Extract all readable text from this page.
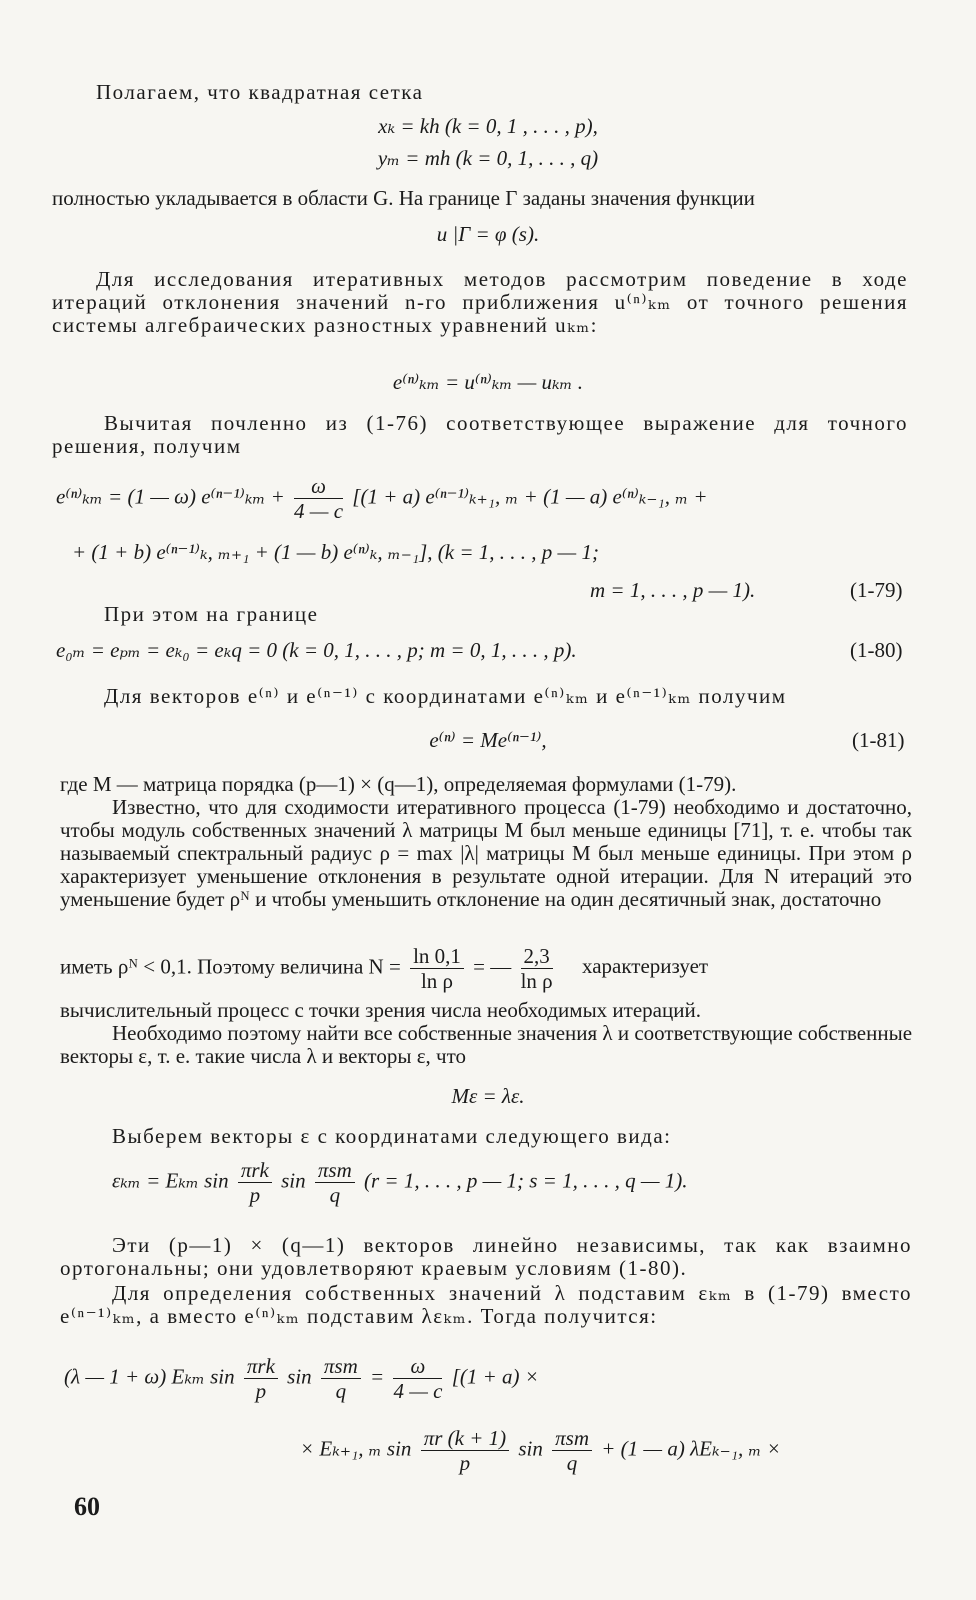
Полагаем, что квадратная сетка
xₖ = kh (k = 0, 1 , . . . , p),
yₘ = mh (k = 0, 1, . . . , q)
полностью укладывается в области G. На границе Γ заданы значения функции
u |Γ = φ (s).
Для исследования итеративных методов рассмотрим поведение в ходе итераций отклонения значений n-го приближения u⁽ⁿ⁾ₖₘ от точного решения системы алгебраических разностных уравнений uₖₘ:
e⁽ⁿ⁾ₖₘ = u⁽ⁿ⁾ₖₘ — uₖₘ .
Вычитая почленно из (1-76) соответствующее выражение для точного решения, получим
e⁽ⁿ⁾ₖₘ = (1 — ω) $e^{(n-1)}_{km} + \frac{\omega}{4 — c} [(1 + a)$ e⁽ⁿ⁻¹⁾ₖ₊₁, ₘ + (1 — a) e⁽ⁿ⁾ₖ₋₁, ₘ +
+ (1 + b) e⁽ⁿ⁻¹⁾ₖ, ₘ₊₁ + (1 — b) e⁽ⁿ⁾ₖ, ₘ₋₁], (k = 1, . . . , p — 1;
m = 1, . . . , p — 1).	(1-79)
При этом на границе
e₀ₘ = eₚₘ = eₖ₀ = eₖq = 0 (k = 0, 1, . . . , p; m = 0, 1, . . . , p).	(1-80)
Для векторов e⁽ⁿ⁾ и e⁽ⁿ⁻¹⁾ с координатами e⁽ⁿ⁾ₖₘ и e⁽ⁿ⁻¹⁾ₖₘ получим
e⁽ⁿ⁾ = Me⁽ⁿ⁻¹⁾,	(1-81)
где M — матрица порядка (p—1) × (q—1), определяемая формулами (1-79).
Известно, что для сходимости итеративного процесса (1-79) необходимо и достаточно, чтобы модуль собственных значений λ матрицы M был меньше единицы [71], т. е. чтобы так называемый спектральный радиус ρ = max |λ| матрицы M был меньше единицы. При этом ρ характеризует уменьшение отклонения в результате одной итерации. Для N итераций это уменьшение будет ρᴺ и чтобы уменьшить отклонение на один десятичный знак, достаточно
иметь ρᴺ < 0,1. Поэтому величина $N = \frac{\ln 0,1}{\text{ln ρ}}$ = — $\frac{2,3}{\text{ln ρ}}$ характеризует
вычислительный процесс с точки зрения числа необходимых итераций.
Необходимо поэтому найти все собственные значения λ и соответствующие собственные векторы ε, т. е. такие числа λ и векторы ε, что
Mε = λε.
Выберем векторы ε с координатами следующего вида:
εₖₘ = Eₖₘ $\sin \frac{\text{πrk}}{p}$ $\sin \frac{\text{πsm}}{q} (r = 1$, . . . , p — 1; s = 1, . . . , q — 1).
Эти (p—1) × (q—1) векторов линейно независимы, так как взаимно ортогональны; они удовлетворяют краевым условиям (1-80).
Для определения собственных значений λ подставим εₖₘ в (1-79) вместо e⁽ⁿ⁻¹⁾ₖₘ, а вместо e⁽ⁿ⁾ₖₘ подставим λεₖₘ. Тогда получится:
(λ — 1 + ω) Eₖₘ $\sin \frac{\text{πrk}}{p}$ $\sin \frac{\text{πsm}}{q} = \frac{\omega}{4 — c} [(1 + a)$ ×
× Eₖ₊₁, ₘ $\sin \frac{\pi r (k + 1)}{p}$ $\sin \frac{\text{πsm}}{q} + (1$ — a) λEₖ₋₁, ₘ ×
60
